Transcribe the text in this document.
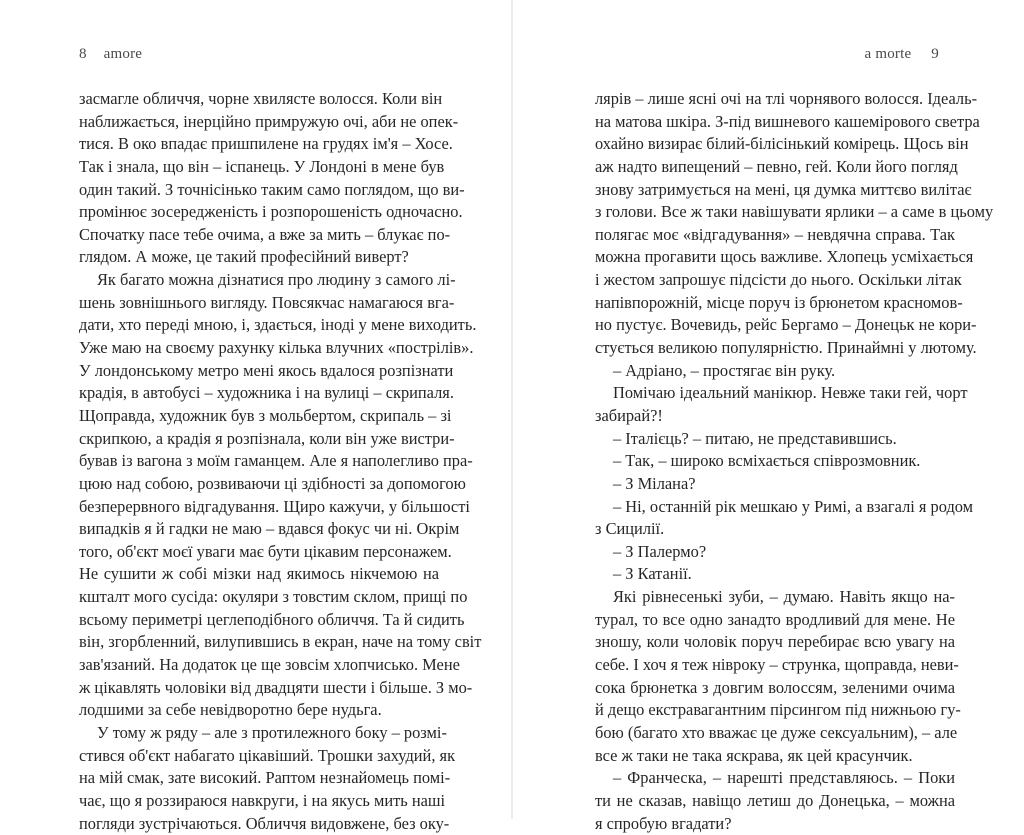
8 amore
засмагле обличчя, чорне хвилясте волосся. Коли він
наближається, інерційно примружую очі, аби не опек-
тися. В око впадає пришпилене на грудях ім'я – Хосе.
Так і знала, що він – іспанець. У Лондоні в мене був
один такий. З точнісінько таким само поглядом, що ви-
промінює зосередженість і розпорошеність одночасно.
Спочатку пасе тебе очима, а вже за мить – блукає по-
глядом. А може, це такий професійний виверт?
Як багато можна дізнатися про людину з самого лі-
шень зовнішнього вигляду. Повсякчас намагаюся вга-
дати, хто переді мною, і, здається, іноді у мене виходить.
Уже маю на своєму рахунку кілька влучних «пострілів».
У лондонському метро мені якось вдалося розпізнати
крадія, в автобусі – художника і на вулиці – скрипаля.
Щоправда, художник був з мольбертом, скрипаль – зі
скрипкою, а крадія я розпізнала, коли він уже вистри-
бував із вагона з моїм гаманцем. Але я наполегливо пра-
цюю над собою, розвиваючи ці здібності за допомогою
безперервного відгадування. Щиро кажучи, у більшості
випадків я й гадки не маю – вдався фокус чи ні. Окрім
того, об'єкт моєї уваги має бути цікавим персонажем.
Не сушити ж собі мізки над якимось нікчемою на
кшталт мого сусіда: окуляри з товстим склом, прищі по
всьому периметрі цеглеподібного обличчя. Та й сидить
він, згорбленний, вилупившись в екран, наче на тому світ
зав'язаний. На додаток це ще зовсім хлопчисько. Мене
ж цікавлять чоловіки від двадцяти шести і більше. З мо-
лодшими за себе невідворотно бере нудьга.
У тому ж ряду – але з протилежного боку – розмі-
стився об'єкт набагато цікавіший. Трошки захудий, як
на мій смак, зате високий. Раптом незнайомець помі-
чає, що я роззираюся навкруги, і на якусь мить наші
погляди зустрічаються. Обличчя видовжене, без оку-
a morte 9
лярів – лише ясні очі на тлі чорнявого волосся. Ідеаль-
на матова шкіра. З-під вишневого кашемірового светра
охайно визирає білий-білісінький комірець. Щось він
аж надто випещений – певно, гей. Коли його погляд
знову затримується на мені, ця думка миттєво вилітає
з голови. Все ж таки навішувати ярлики – а саме в цьому
полягає моє «відгадування» – невдячна справа. Так
можна прогавити щось важливе. Хлопець усміхається
і жестом запрошує підсісти до нього. Оскільки літак
напівпорожній, місце поруч із брюнетом красномов-
но пустує. Вочевидь, рейс Бергамо – Донецьк не кори-
стується великою популярністю. Принаймні у лютому.
– Адріано, – простягає він руку.
Помічаю ідеальний манікюр. Невже таки гей, чорт
забирай?!
– Італієць? – питаю, не представившись.
– Так, – широко всміхається співрозмовник.
– З Мілана?
– Ні, останній рік мешкаю у Римі, а взагалі я родом
з Сицилії.
– З Палермо?
– З Катанії.
Які рівнесенькі зуби, – думаю. Навіть якщо на-
турал, то все одно занадто вродливий для мене. Не
зношу, коли чоловік поруч перебирає всю увагу на
себе. І хоч я теж нівроку – струнка, щоправда, неви-
сока брюнетка з довгим волоссям, зеленими очима
й дещо екстравагантним пірсингом під нижньою гу-
бою (багато хто вважає це дуже сексуальним), – але
все ж таки не така яскрава, як цей красунчик.
– Франческа, – нарешті представляюсь. – Поки
ти не сказав, навіщо летиш до Донецька, – можна
я спробую вгадати?
